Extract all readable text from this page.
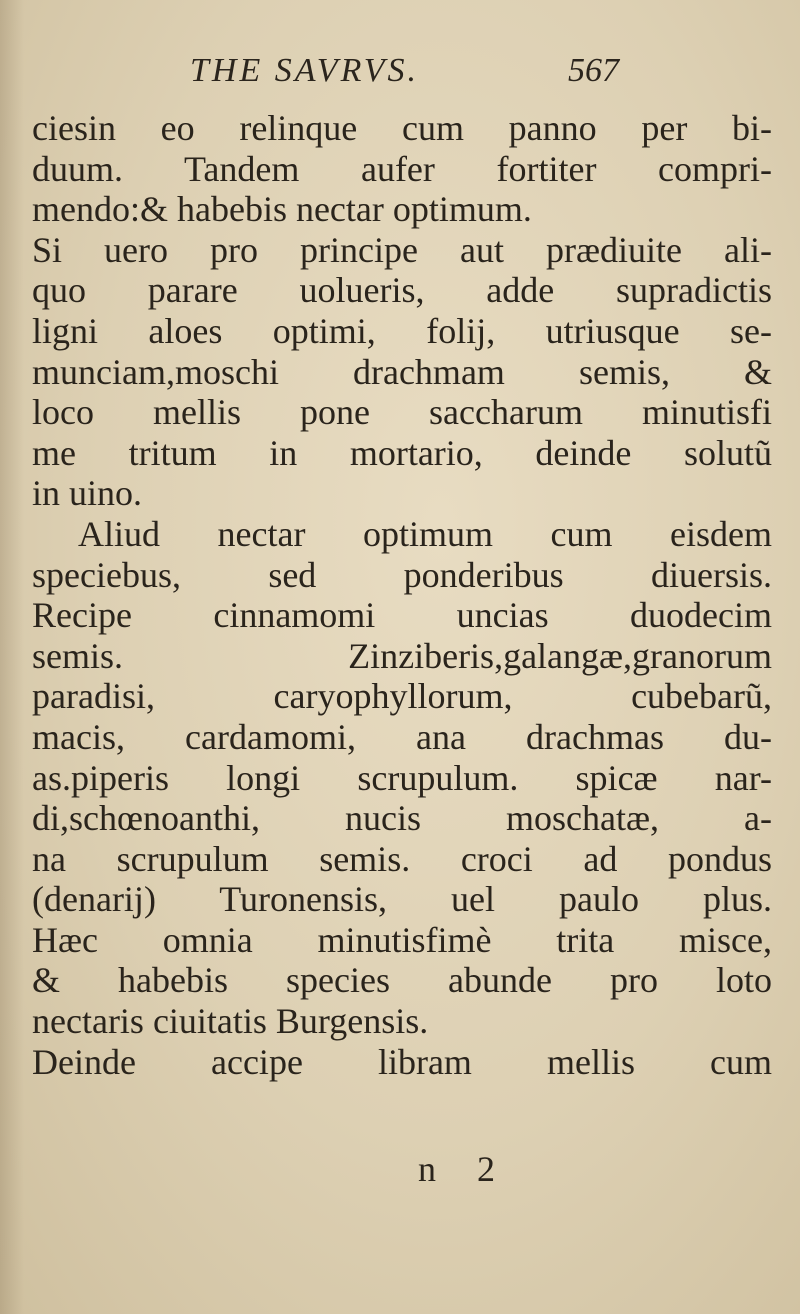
THE SAVRVS.	567
ciesin eo relinque cum panno per bi-
duum. Tandem aufer fortiter compri-
mendo:& habebis nectar optimum.
Si uero pro principe aut prædiuite ali-
quo parare uolueris, adde supradictis
ligni aloes optimi, folij, utriusque se-
munciam,moschi drachmam semis, &
loco mellis pone saccharum minutisfi
me tritum in mortario, deinde solutũ
in uino.
Aliud nectar optimum cum eisdem
speciebus, sed ponderibus diuersis.
Recipe cinnamomi uncias duodecim
semis. Zinziberis,galangæ,granorum
paradisi, caryophyllorum, cubebarũ,
macis, cardamomi, ana drachmas du-
as.piperis longi scrupulum. spicæ nar-
di,schœnoanthi, nucis moschatæ, a-
na scrupulum semis. croci ad pondus
(denarij) Turonensis, uel paulo plus.
Hæc omnia minutisfimè trita misce,
& habebis species abunde pro loto
nectaris ciuitatis Burgensis.
Deinde accipe libram mellis cum
n 2
